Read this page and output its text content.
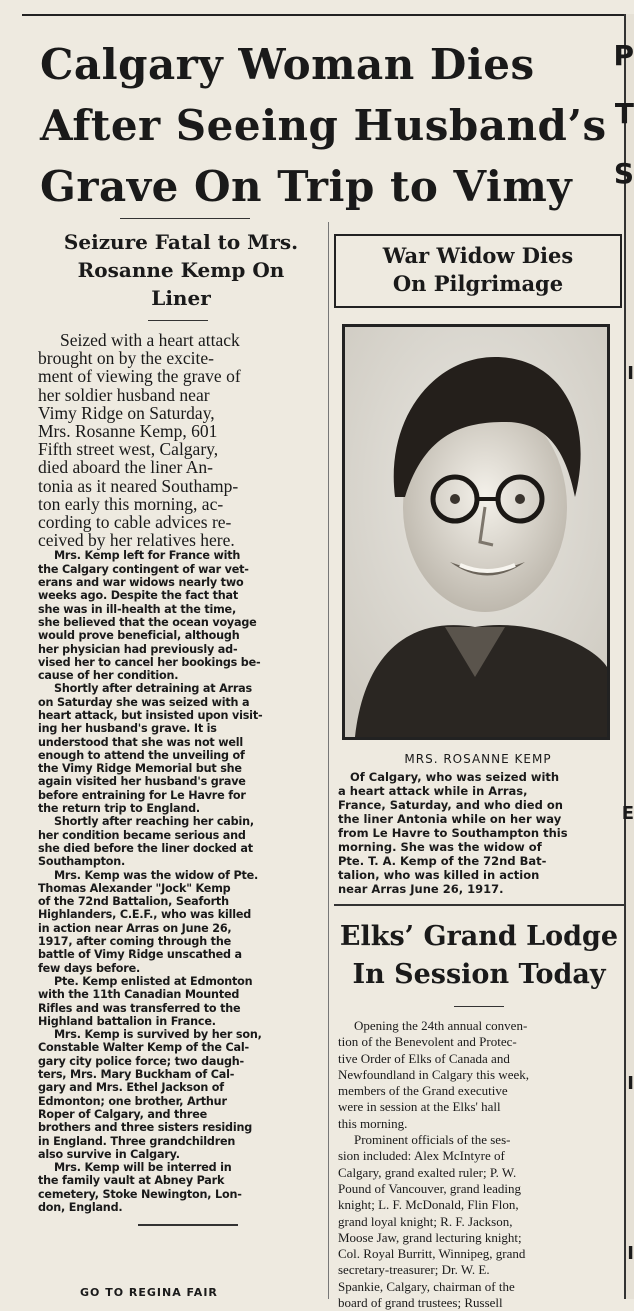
P
T
S
I
E
I
I
Calgary Woman Dies
After Seeing Husband’s
Grave On Trip to Vimy
Seizure Fatal to Mrs.
Rosanne Kemp On
Liner

Seized with a heart attack
brought on by the excite-
ment of viewing the grave of
her soldier husband near
Vimy Ridge on Saturday,
Mrs. Rosanne Kemp, 601
Fifth street west, Calgary,
died aboard the liner An-
tonia as it neared Southamp-
ton early this morning, ac-
cording to cable advices re-
ceived by her relatives here.

Mrs. Kemp left for France with
the Calgary contingent of war vet-
erans and war widows nearly two
weeks ago. Despite the fact that
she was in ill-health at the time,
she believed that the ocean voyage
would prove beneficial, although
her physician had previously ad-
vised her to cancel her bookings be-
cause of her condition.
Shortly after detraining at Arras
on Saturday she was seized with a
heart attack, but insisted upon visit-
ing her husband's grave. It is
understood that she was not well
enough to attend the unveiling of
the Vimy Ridge Memorial but she
again visited her husband's grave
before entraining for Le Havre for
the return trip to England.
Shortly after reaching her cabin,
her condition became serious and
she died before the liner docked at
Southampton.
Mrs. Kemp was the widow of Pte.
Thomas Alexander "Jock" Kemp
of the 72nd Battalion, Seaforth
Highlanders, C.E.F., who was killed
in action near Arras on June 26,
1917, after coming through the
battle of Vimy Ridge unscathed a
few days before.
Pte. Kemp enlisted at Edmonton
with the 11th Canadian Mounted
Rifles and was transferred to the
Highland battalion in France.
Mrs. Kemp is survived by her son,
Constable Walter Kemp of the Cal-
gary city police force; two daugh-
ters, Mrs. Mary Buckham of Cal-
gary and Mrs. Ethel Jackson of
Edmonton; one brother, Arthur
Roper of Calgary, and three
brothers and three sisters residing
in England. Three grandchildren
also survive in Calgary.
Mrs. Kemp will be interred in
the family vault at Abney Park
cemetery, Stoke Newington, Lon-
don, England.

GO TO REGINA FAIR
War Widow Dies
On Pilgrimage
MRS. ROSANNE KEMP
Of Calgary, who was seized with
a heart attack while in Arras,
France, Saturday, and who died on
the liner Antonia while on her way
from Le Havre to Southampton this
morning. She was the widow of
Pte. T. A. Kemp of the 72nd Bat-
talion, who was killed in action
near Arras June 26, 1917.
Elks’ Grand Lodge
In Session Today
Opening the 24th annual conven-
tion of the Benevolent and Protec-
tive Order of Elks of Canada and
Newfoundland in Calgary this week,
members of the Grand executive
were in session at the Elks' hall
this morning.
Prominent officials of the ses-
sion included: Alex McIntyre of
Calgary, grand exalted ruler; P. W.
Pound of Vancouver, grand leading
knight; L. F. McDonald, Flin Flon,
grand loyal knight; R. F. Jackson,
Moose Jaw, grand lecturing knight;
Col. Royal Burritt, Winnipeg, grand
secretary-treasurer; Dr. W. E.
Spankie, Calgary, chairman of the
board of grand trustees; Russell
